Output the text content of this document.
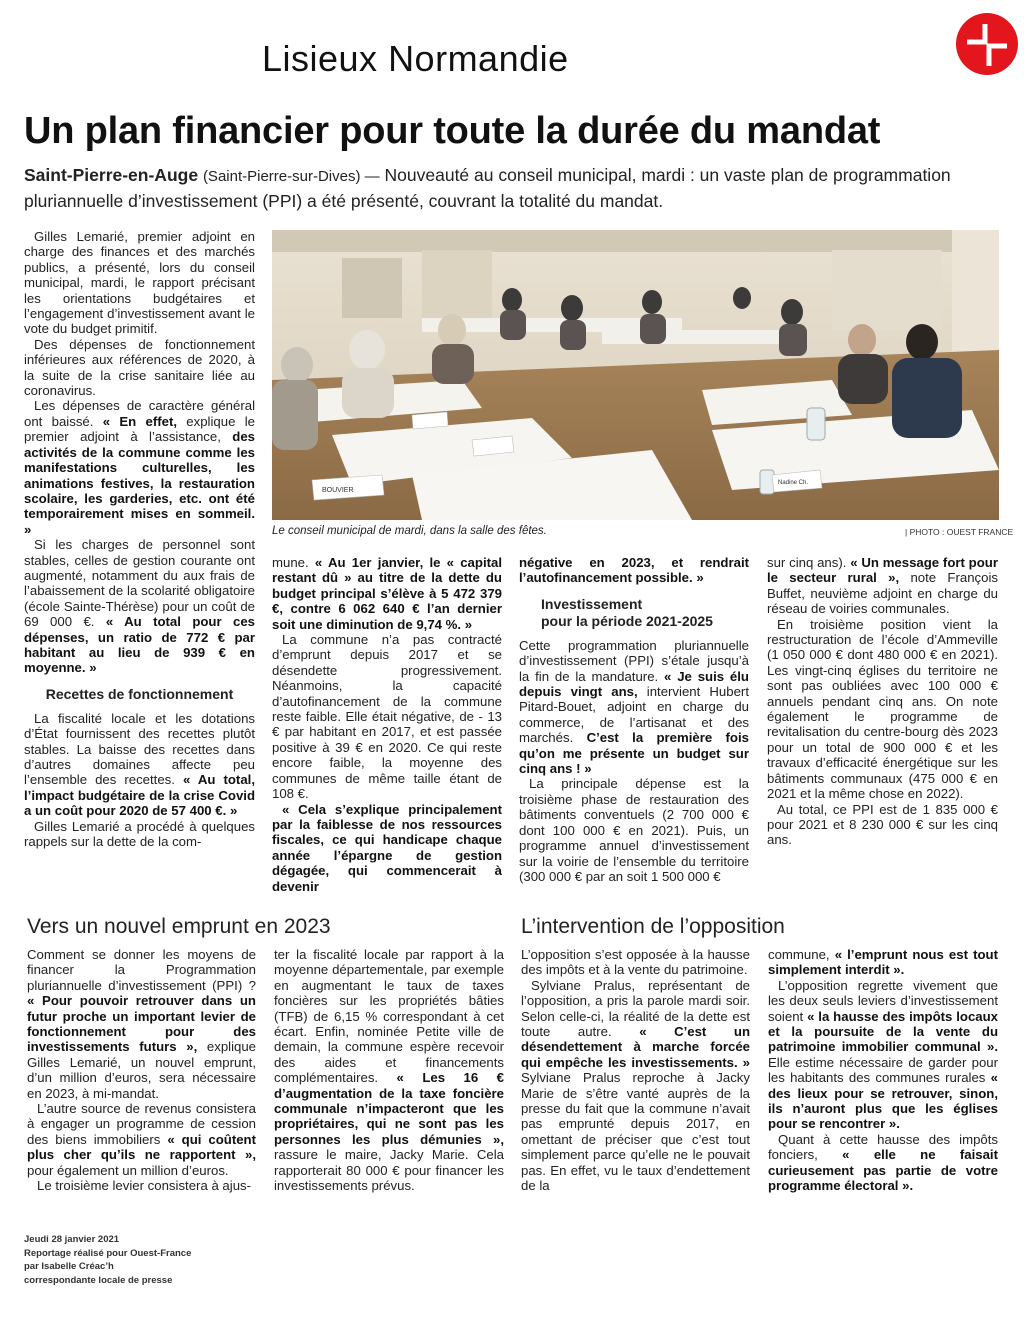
Lisieux Normandie
Un plan financier pour toute la durée du mandat
Saint-Pierre-en-Auge (Saint-Pierre-sur-Dives) — Nouveauté au conseil municipal, mardi : un vaste plan de programmation pluriannuelle d’investissement (PPI) a été présenté, couvrant la totalité du mandat.
BOUVIER
Nadine Ch.
Le conseil municipal de mardi, dans la salle des fêtes.	| PHOTO : OUEST FRANCE

Gilles Lemarié, premier adjoint en charge des finances et des marchés publics, a présenté, lors du conseil municipal, mardi, le rapport précisant les orientations budgétaires et l’engagement d’investissement avant le vote du budget primitif.

Des dépenses de fonctionnement inférieures aux références de 2020, à la suite de la crise sanitaire liée au coronavirus.

Les dépenses de caractère général ont baissé. « En effet, explique le premier adjoint à l’assistance, des activités de la commune comme les manifestations culturelles, les animations festives, la restauration scolaire, les garderies, etc. ont été temporairement mises en sommeil. »

Si les charges de personnel sont stables, celles de gestion courante ont augmenté, notamment du aux frais de l’abaissement de la scolarité obligatoire (école Sainte-Thérèse) pour un coût de 69 000 €. « Au total pour ces dépenses, un ratio de 772 € par habitant au lieu de 939 € en moyenne. »

Recettes de fonctionnement

La fiscalité locale et les dotations d’État fournissent des recettes plutôt stables. La baisse des recettes dans d’autres domaines affecte peu l’ensemble des recettes. « Au total, l’impact budgétaire de la crise Covid a un coût pour 2020 de 57 400 €. »

Gilles Lemarié a procédé à quelques rappels sur la dette de la com-

mune. « Au 1er janvier, le « capital restant dû » au titre de la dette du budget principal s’élève à 5 472 379 €, contre 6 062 640 € l’an dernier soit une diminution de 9,74 %. »

La commune n’a pas contracté d’emprunt depuis 2017 et se désendette progressivement. Néanmoins, la capacité d’autofinancement de la commune reste faible. Elle était négative, de - 13 € par habitant en 2017, et est passée positive à 39 € en 2020. Ce qui reste encore faible, la moyenne des communes de même taille étant de 108 €.

« Cela s’explique principalement par la faiblesse de nos ressources fiscales, ce qui handicape chaque année l’épargne de gestion dégagée, qui commencerait à devenir

négative en 2023, et rendrait l’autofinancement possible. »

Investissement
pour la période 2021-2025

Cette programmation pluriannuelle d’investissement (PPI) s’étale jusqu’à la fin de la mandature. « Je suis élu depuis vingt ans, intervient Hubert Pitard-Bouet, adjoint en charge du commerce, de l’artisanat et des marchés. C’est la première fois qu’on me présente un budget sur cinq ans ! »

La principale dépense est la troisième phase de restauration des bâtiments conventuels (2 700 000 € dont 100 000 € en 2021). Puis, un programme annuel d’investissement sur la voirie de l’ensemble du territoire (300 000 € par an soit 1 500 000 €

sur cinq ans). « Un message fort pour le secteur rural », note François Buffet, neuvième adjoint en charge du réseau de voiries communales.

En troisième position vient la restructuration de l’école d’Ammeville (1 050 000 € dont 480 000 € en 2021). Les vingt-cinq églises du territoire ne sont pas oubliées avec 100 000 € annuels pendant cinq ans. On note également le programme de revitalisation du centre-bourg dès 2023 pour un total de 900 000 € et les travaux d’efficacité énergétique sur les bâtiments communaux (475 000 € en 2021 et la même chose en 2022).

Au total, ce PPI est de 1 835 000 € pour 2021 et 8 230 000 € sur les cinq ans.

Vers un nouvel emprunt en 2023

Comment se donner les moyens de financer la Programmation pluriannuelle d’investissement (PPI) ? « Pour pouvoir retrouver dans un futur proche un important levier de fonctionnement pour des investissements futurs », explique Gilles Lemarié, un nouvel emprunt, d’un million d’euros, sera nécessaire en 2023, à mi-mandat.

L’autre source de revenus consistera à engager un programme de cession des biens immobiliers « qui coûtent plus cher qu’ils ne rapportent », pour également un million d’euros.

Le troisième levier consistera à ajus-

ter la fiscalité locale par rapport à la moyenne départementale, par exemple en augmentant le taux de taxes foncières sur les propriétés bâties (TFB) de 6,15 % correspondant à cet écart. Enfin, nominée Petite ville de demain, la commune espère recevoir des aides et financements complémentaires. « Les 16 € d’augmentation de la taxe foncière communale n’impacteront que les propriétaires, qui ne sont pas les personnes les plus démunies », rassure le maire, Jacky Marie. Cela rapporterait 80 000 € pour financer les investissements prévus.

L’intervention de l’opposition

L’opposition s’est opposée à la hausse des impôts et à la vente du patrimoine.

Sylviane Pralus, représentant de l’opposition, a pris la parole mardi soir. Selon celle-ci, la réalité de la dette est toute autre. « C’est un désendettement à marche forcée qui empêche les investissements. » Sylviane Pralus reproche à Jacky Marie de s’être vanté auprès de la presse du fait que la commune n’avait pas emprunté depuis 2017, en omettant de préciser que c’est tout simplement parce qu’elle ne le pouvait pas. En effet, vu le taux d’endettement de la

commune, « l’emprunt nous est tout simplement interdit ».

L’opposition regrette vivement que les deux seuls leviers d’investissement soient « la hausse des impôts locaux et la poursuite de la vente du patrimoine immobilier communal ». Elle estime nécessaire de garder pour les habitants des communes rurales « des lieux pour se retrouver, sinon, ils n’auront plus que les églises pour se rencontrer ».

Quant à cette hausse des impôts fonciers, « elle ne faisait curieusement pas partie de votre programme électoral ».

Jeudi 28 janvier 2021
Reportage réalisé pour Ouest-France
par Isabelle Créac’h
correspondante locale de presse
